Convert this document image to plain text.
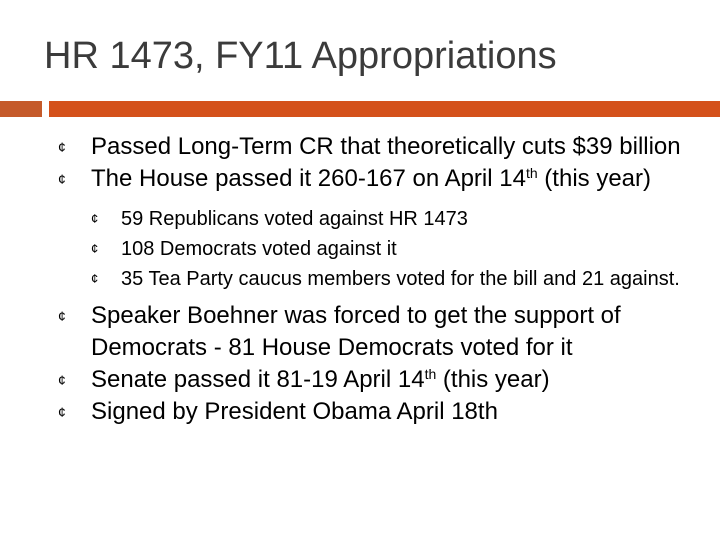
HR 1473, FY11 Appropriations
¢ Passed Long-Term CR that theoretically cuts $39 billion
¢ The House passed it 260-167 on April 14th (this year)
¢ 59 Republicans voted against HR 1473
¢ 108 Democrats voted against it
¢ 35 Tea Party caucus members voted for the bill and 21 against.
¢ Speaker Boehner was forced to get the support of Democrats - 81 House Democrats voted for it
¢ Senate passed it 81-19 April 14th (this year)
¢ Signed by President Obama April 18th
